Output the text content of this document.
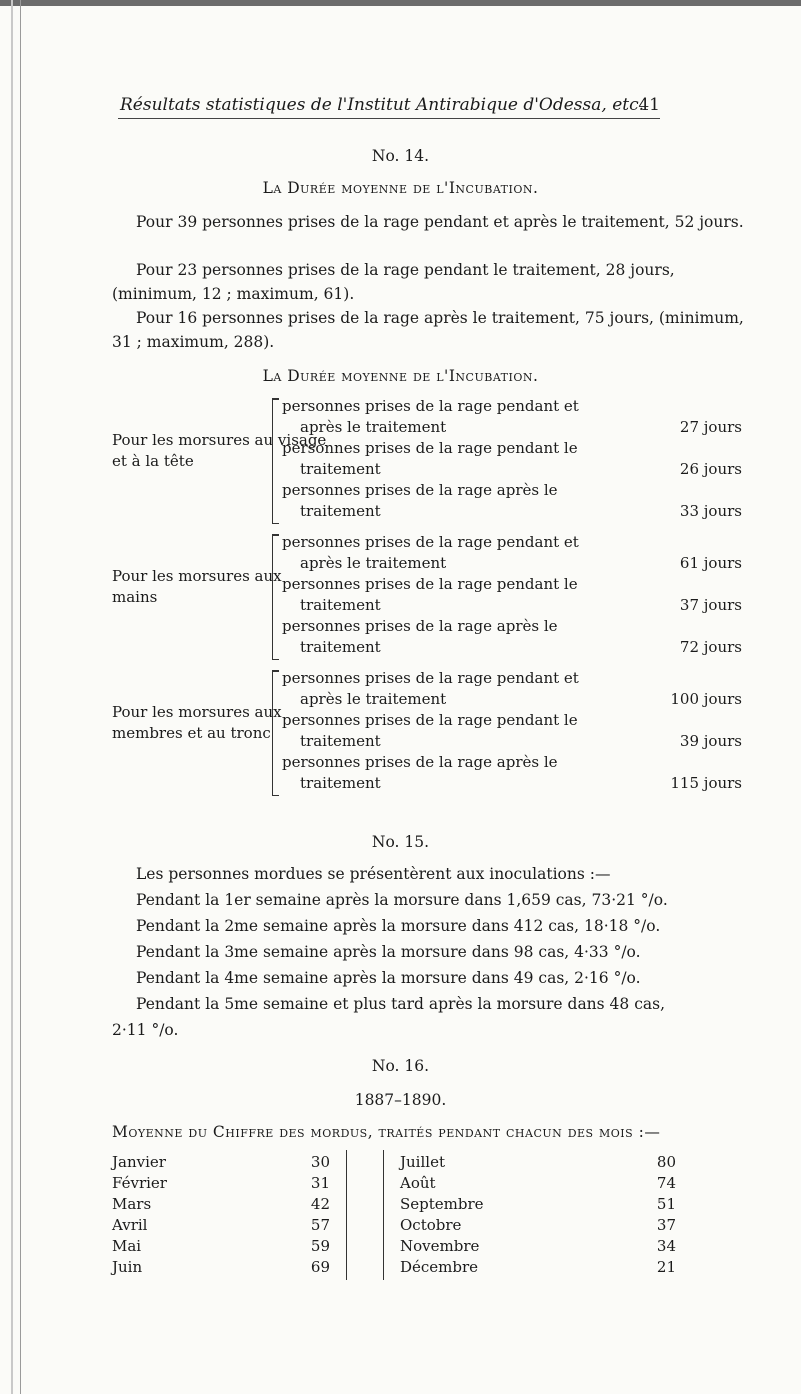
Résultats statistiques de l'Institut Antirabique d'Odessa, etc.
41
No. 14.
La Durée moyenne de l'Incubation.
Pour 39 personnes prises de la rage pendant et après le traitement, 52 jours.
Pour 23 personnes prises de la rage pendant le traitement, 28 jours, (minimum, 12 ; maximum, 61).
Pour 16 personnes prises de la rage après le traitement, 75 jours, (minimum, 31 ; maximum, 288).
La Durée moyenne de l'Incubation.
Pour les morsures au visage
et à la tête
personnes prises de la rage pendant et
après le traitement	27 jours
personnes prises de la rage pendant le
traitement	26 jours
personnes prises de la rage après le
traitement	33 jours
Pour les morsures aux
mains
personnes prises de la rage pendant et
après le traitement	61 jours
personnes prises de la rage pendant le
traitement	37 jours
personnes prises de la rage après le
traitement	72 jours
Pour les morsures aux
membres et au tronc
personnes prises de la rage pendant et
après le traitement	100 jours
personnes prises de la rage pendant le
traitement	39 jours
personnes prises de la rage après le
traitement	115 jours
No. 15.
Les personnes mordues se présentèrent aux inoculations :—
Pendant la 1er semaine après la morsure dans 1,659 cas, 73·21 °/o.
Pendant la 2me semaine après la morsure dans 412 cas, 18·18 °/o.
Pendant la 3me semaine après la morsure dans 98 cas, 4·33 °/o.
Pendant la 4me semaine après la morsure dans 49 cas, 2·16 °/o.
Pendant la 5me semaine et plus tard après la morsure dans 48 cas,
2·11 °/o.
No. 16.
1887–1890.
Moyenne du Chiffre des mordus, traités pendant chacun des mois :—
Janvier	30
Février	31
Mars	42
Avril	57
Mai	59
Juin	69
Juillet	80
Août	74
Septembre	51
Octobre	37
Novembre	34
Décembre	21
